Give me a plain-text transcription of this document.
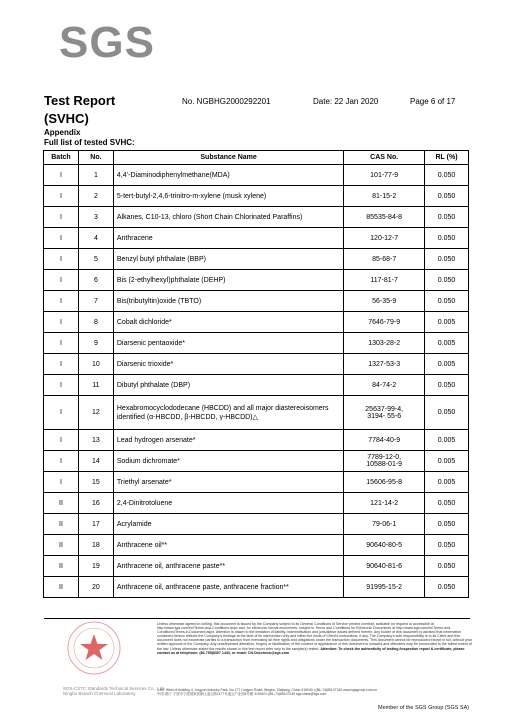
SGS
Test Report
(SVHC)
No. NGBHG2000292201	Date: 22 Jan 2020	Page 6 of 17
Appendix
Full list of tested SVHC:
Batch	No.	Substance Name	CAS No.	RL (%)
I	1	4,4’-Diaminodiphenylmethane(MDA)	101-77-9	0.050
I	2	5-tert-butyl-2,4,6-trinitro-m-xylene (musk xylene)	81-15-2	0.050
I	3	Alkanes, C10-13, chloro (Short Chain Chlorinated Paraffins)	85535-84-8	0.050
I	4	Anthracene	120-12-7	0.050
I	5	Benzyl butyl phthalate (BBP)	85-68-7	0.050
I	6	Bis (2-ethylhexyl)phthalate (DEHP)	117-81-7	0.050
I	7	Bis(tributyltin)oxide (TBTO)	56-35-9	0.050
I	8	Cobalt dichloride*	7646-79-9	0.005
I	9	Diarsenic pentaoxide*	1303-28-2	0.005
I	10	Diarsenic trioxide*	1327-53-3	0.005
I	11	Dibutyl phthalate (DBP)	84-74-2	0.050
I	12	Hexabromocyclododecane (HBCDD) and all major diastereoisomers identified (α-HBCDD, β-HBCDD, γ-HBCDD)△	25637-99-4,
3194- 55-6	0.050
I	13	Lead hydrogen arsenate*	7784-40-9	0.005
I	14	Sodium dichromate*	7789-12-0,
10588-01-9	0.005
I	15	Triethyl arsenate*	15606-95-8	0.005
II	16	2,4-Dinitrotoluene	121-14-2	0.050
II	17	Acrylamide	79-06-1	0.050
II	18	Anthracene oil**	90640-80-5	0.050
II	19	Anthracene oil, anthracene paste**	90640-81-6	0.050
II	20	Anthracene oil, anthracene paste, anthracene fraction**	91995-15-2	0.050
SGS-CSTC Standards Technical Services Co., Ltd.
Ningbo Branch Chemical Laboratory
Unless otherwise agreed in writing, this document is issued by the Company subject to its General Conditions of Service printed overleaf, available on request or accessible at http://www.sgs.com/en/Terms-and-Conditions.aspx and, for electronic format documents, subject to Terms and Conditions for Electronic Documents at http://www.sgs.com/en/Terms-and-Conditions/Terms-e-Document.aspx. Attention is drawn to the limitation of liability, indemnification and jurisdiction issues defined therein. Any holder of this document is advised that information contained hereon reflects the Company's findings at the time of its intervention only and within the limits of Client's instructions, if any. The Company's sole responsibility is to its Client and this document does not exonerate parties to a transaction from exercising all their rights and obligations under the transaction documents. This document cannot be reproduced except in full, without prior written approval of the Company. Any unauthorized alteration, forgery or falsification of the content or appearance of this document is unlawful and offenders may be prosecuted to the fullest extent of the law. Unless otherwise stated the results shown in this test report refer only to the sample(s) tested. Attention: To check the authenticity of testing /inspection report & certificate, please contact us at telephone: (86-755)8307 1443, or email: CN.Doccheck@sgs.com
1-6/F West of building 4, Lingyun Industry Park, No.177 Lingyun Road, Ningbo, Zhejiang, China 315040 t (86–74)89107249 www.sgsgroup.com.cn
中国·浙江·宁波市宁波国家高新区凌云路1177号凌云产业园4号楼 315040 t (86–74)89107249 sgs.china@sgs.com
Member of the SGS Group (SGS SA)
